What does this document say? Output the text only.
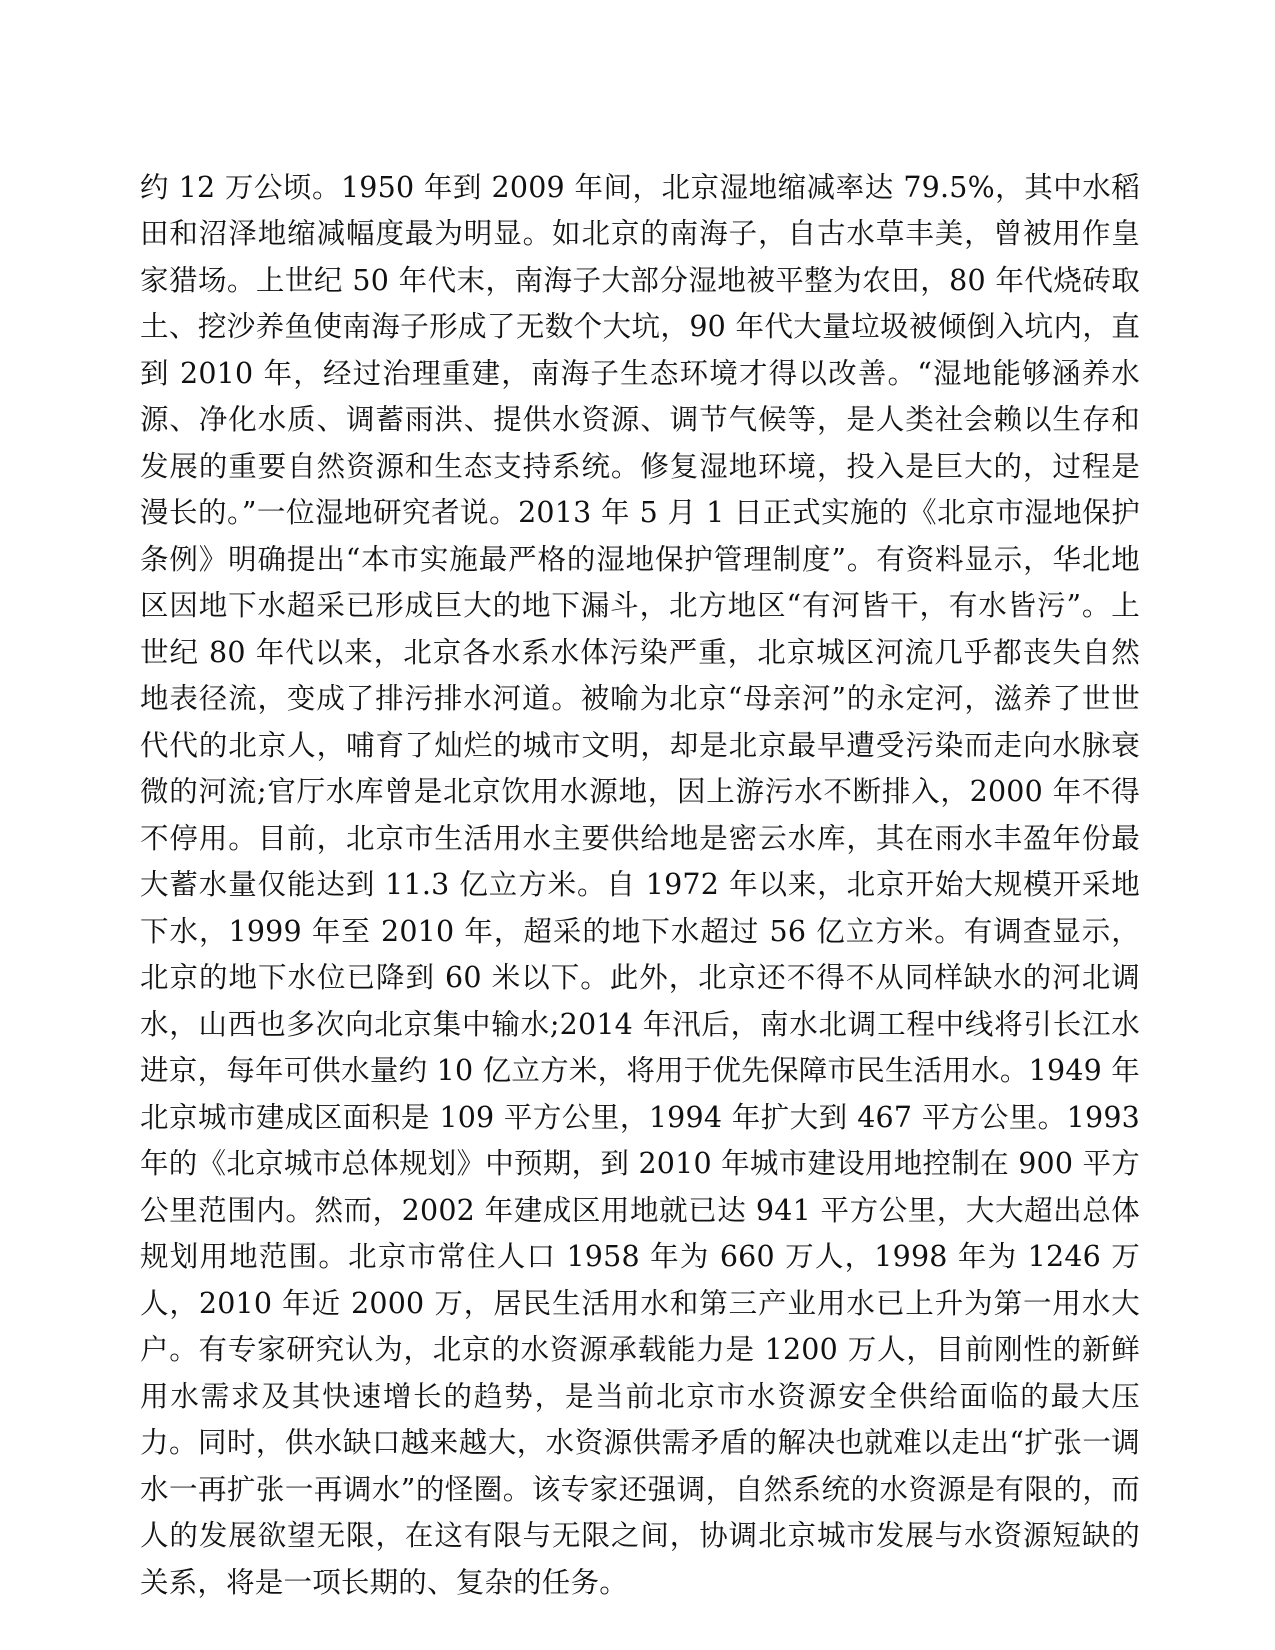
约 12 万公顷。1950 年到 2009 年间，北京湿地缩减率达 79.5%，其中水稻田和沼泽地缩减幅度最为明显。如北京的南海子，自古水草丰美，曾被用作皇家猎场。上世纪 50 年代末，南海子大部分湿地被平整为农田，80 年代烧砖取土、挖沙养鱼使南海子形成了无数个大坑，90 年代大量垃圾被倾倒入坑内，直到 2010 年，经过治理重建，南海子生态环境才得以改善。“湿地能够涵养水源、净化水质、调蓄雨洪、提供水资源、调节气候等，是人类社会赖以生存和发展的重要自然资源和生态支持系统。修复湿地环境，投入是巨大的，过程是漫长的。”一位湿地研究者说。2013 年 5 月 1 日正式实施的《北京市湿地保护条例》明确提出“本市实施最严格的湿地保护管理制度”。有资料显示，华北地区因地下水超采已形成巨大的地下漏斗，北方地区“有河皆干，有水皆污”。上世纪 80 年代以来，北京各水系水体污染严重，北京城区河流几乎都丧失自然地表径流，变成了排污排水河道。被喻为北京“母亲河”的永定河，滋养了世世代代的北京人，哺育了灿烂的城市文明，却是北京最早遭受污染而走向水脉衰微的河流;官厅水库曾是北京饮用水源地，因上游污水不断排入，2000 年不得不停用。目前，北京市生活用水主要供给地是密云水库，其在雨水丰盈年份最大蓄水量仅能达到 11.3 亿立方米。自 1972 年以来，北京开始大规模开采地下水，1999 年至 2010 年，超采的地下水超过 56 亿立方米。有调查显示，北京的地下水位已降到 60 米以下。此外，北京还不得不从同样缺水的河北调水，山西也多次向北京集中输水;2014 年汛后，南水北调工程中线将引长江水进京，每年可供水量约 10 亿立方米，将用于优先保障市民生活用水。1949 年北京城市建成区面积是 109 平方公里，1994 年扩大到 467 平方公里。1993 年的《北京城市总体规划》中预期，到 2010 年城市建设用地控制在 900 平方公里范围内。然而，2002 年建成区用地就已达 941 平方公里，大大超出总体规划用地范围。北京市常住人口 1958 年为 660 万人，1998 年为 1246 万人，2010 年近 2000 万，居民生活用水和第三产业用水已上升为第一用水大户。有专家研究认为，北京的水资源承载能力是 1200 万人，目前刚性的新鲜用水需求及其快速增长的趋势，是当前北京市水资源安全供给面临的最大压力。同时，供水缺口越来越大，水资源供需矛盾的解决也就难以走出“扩张一调水一再扩张一再调水”的怪圈。该专家还强调，自然系统的水资源是有限的，而人的发展欲望无限，在这有限与无限之间，协调北京城市发展与水资源短缺的关系，将是一项长期的、复杂的任务。
